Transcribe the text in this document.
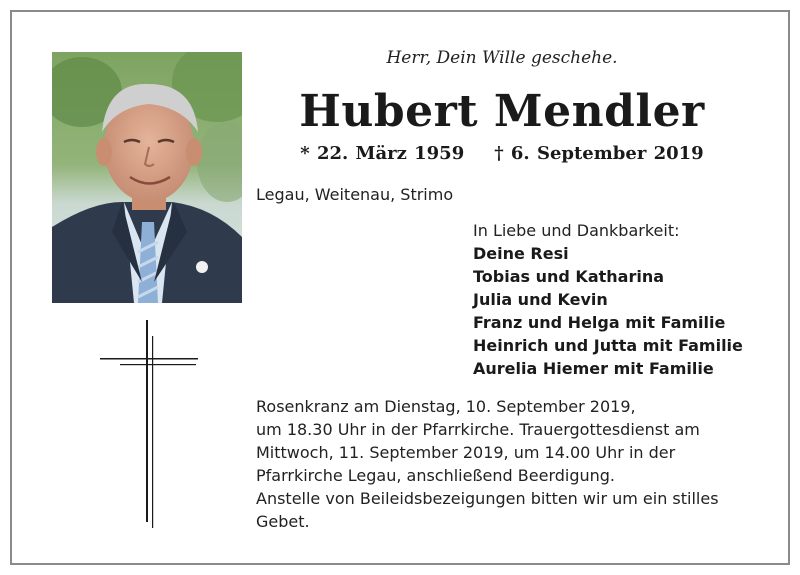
Herr, Dein Wille geschehe.
Hubert Mendler
* 22. März 1959 † 6. September 2019
Legau, Weitenau, Strimo
In Liebe und Dankbarkeit:
Deine Resi
Tobias und Katharina
Julia und Kevin
Franz und Helga mit Familie
Heinrich und Jutta mit Familie
Aurelia Hiemer mit Familie
Rosenkranz am Dienstag, 10. September 2019,
um 18.30 Uhr in der Pfarrkirche. Trauergottesdienst am
Mittwoch, 11. September 2019, um 14.00 Uhr in der
Pfarrkirche Legau, anschließend Beerdigung.
Anstelle von Beileidsbezeigungen bitten wir um ein stilles
Gebet.
